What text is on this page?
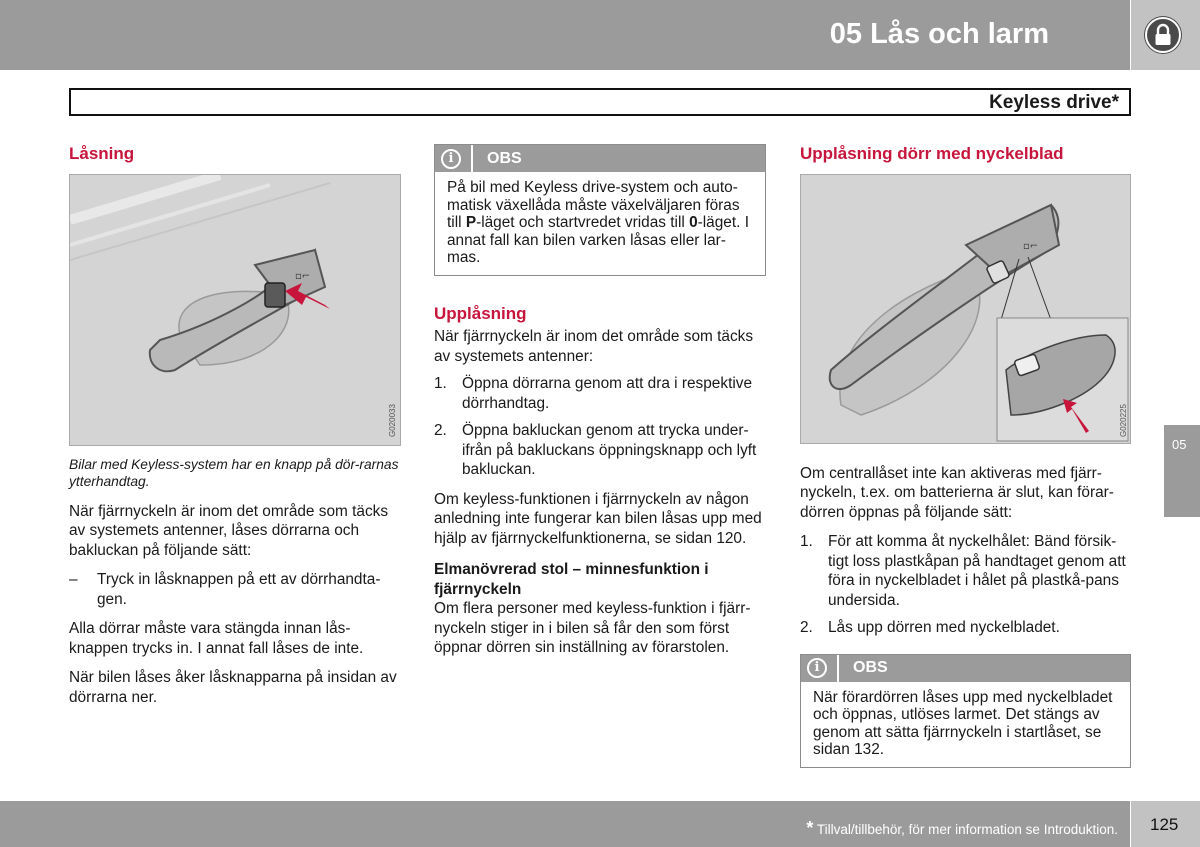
05 Lås och larm
Keyless drive*
Låsning
▫⌐
G020033
Bilar med Keyless-system har en knapp på dör-rarnas ytterhandtag.

När fjärrnyckeln är inom det område som täcks av systemets antenner, låses dörrarna och bakluckan på följande sätt:

–	Tryck in låsknappen på ett av dörrhandta-gen.

Alla dörrar måste vara stängda innan lås-knappen trycks in. I annat fall låses de inte.

När bilen låses åker låsknapparna på insidan av dörrarna ner.

i	OBS
På bil med Keyless drive-system och auto-matisk växellåda måste växelväljaren föras till P-läget och startvredet vridas till 0-läget. I annat fall kan bilen varken låsas eller lar-mas.
Upplåsning

När fjärrnyckeln är inom det område som täcks av systemets antenner:

1. Öppna dörrarna genom att dra i respektive dörrhandtag.
2. Öppna bakluckan genom att trycka under-ifrån på bakluckans öppningsknapp och lyft bakluckan.

Om keyless-funktionen i fjärrnyckeln av någon anledning inte fungerar kan bilen låsas upp med hjälp av fjärrnyckelfunktionerna, se sidan 120.

Elmanövrerad stol – minnesfunktion i fjärrnyckeln

Om flera personer med keyless-funktion i fjärr-nyckeln stiger in i bilen så får den som först öppnar dörren sin inställning av förarstolen.

Upplåsning dörr med nyckelblad
▫⌐
G020225

Om centrallåset inte kan aktiveras med fjärr-nyckeln, t.ex. om batterierna är slut, kan förar-dörren öppnas på följande sätt:

1. För att komma åt nyckelhålet: Bänd försik-tigt loss plastkåpan på handtaget genom att föra in nyckelbladet i hålet på plastkå-pans undersida.
2. Lås upp dörren med nyckelbladet.
i	OBS
När förardörren låses upp med nyckelbladet och öppnas, utlöses larmet. Det stängs av genom att sätta fjärrnyckeln i startlåset, se sidan 132.
05
* Tillval/tillbehör, för mer information se Introduktion. 125
